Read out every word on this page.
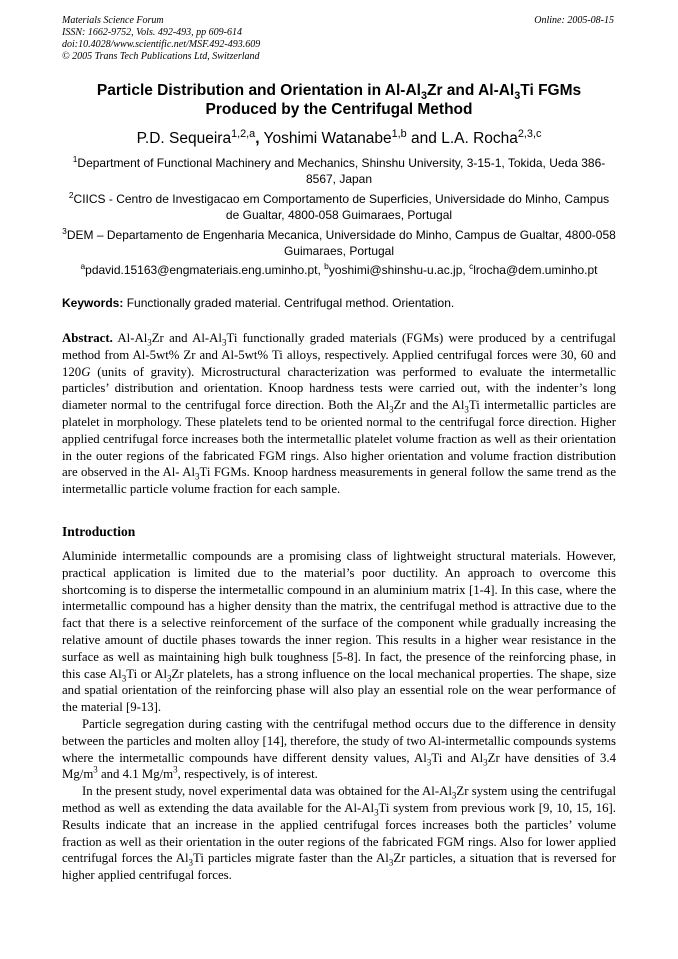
Materials Science Forum
ISSN: 1662-9752, Vols. 492-493, pp 609-614
doi:10.4028/www.scientific.net/MSF.492-493.609
© 2005 Trans Tech Publications Ltd, Switzerland
Online: 2005-08-15
Particle Distribution and Orientation in $Al-Al_3Zr$ and $Al-Al_3Ti$ FGMs
Produced by the Centrifugal Method
P.D. Sequeira$^{1,2,a}$, Yoshimi Watanabe$^{1,b}$ and L.A. Rocha$^{2,3,c}$
$^1$Department of Functional Machinery and Mechanics, Shinshu University, 3-15-1, Tokida, Ueda 386-8567, Japan
$^2$CIICS - Centro de Investigacao em Comportamento de Superficies, Universidade do Minho, Campus de Gualtar, 4800-058 Guimaraes, Portugal
$^3$DEM – Departamento de Engenharia Mecanica, Universidade do Minho, Campus de Gualtar, 4800-058 Guimaraes, Portugal
$^a$pdavid.15163@engmateriais.eng.uminho.pt, $^b$yoshimi@shinshu-u.ac.jp, $^c$lrocha@dem.uminho.pt
Keywords: Functionally graded material. Centrifugal method. Orientation.

Abstract. $Al-Al_3Zr$ and $Al-Al_3Ti$ functionally graded materials (FGMs) were produced by a centrifugal method from Al-5wt% Zr and Al-5wt% Ti alloys, respectively. Applied centrifugal forces were 30, 60 and 120G (units of gravity). Microstructural characterization was performed to evaluate the intermetallic particles’ distribution and orientation. Knoop hardness tests were carried out, with the indenter’s long diameter normal to the centrifugal force direction. Both the $Al_3Zr$ and the $Al_3Ti$ intermetallic particles are platelet in morphology. These platelets tend to be oriented normal to the centrifugal force direction. Higher applied centrifugal force increases both the intermetallic platelet volume fraction as well as their orientation in the outer regions of the fabricated FGM rings. Also higher orientation and volume fraction distribution are observed in the Al- $Al_3Ti$ FGMs. Knoop hardness measurements in general follow the same trend as the intermetallic particle volume fraction for each sample.

Introduction

Aluminide intermetallic compounds are a promising class of lightweight structural materials. However, practical application is limited due to the material’s poor ductility. An approach to overcome this shortcoming is to disperse the intermetallic compound in an aluminium matrix [1-4]. In this case, where the intermetallic compound has a higher density than the matrix, the centrifugal method is attractive due to the fact that there is a selective reinforcement of the surface of the component while gradually increasing the relative amount of ductile phases towards the inner region. This results in a higher wear resistance in the surface as well as maintaining high bulk toughness [5-8]. In fact, the presence of the reinforcing phase, in this case $Al_3Ti$ or $Al_3Zr$ platelets, has a strong influence on the local mechanical properties. The shape, size and spatial orientation of the reinforcing phase will also play an essential role on the wear performance of the material [9-13].

Particle segregation during casting with the centrifugal method occurs due to the difference in density between the particles and molten alloy [14], therefore, the study of two Al-intermetallic compounds systems where the intermetallic compounds have different density values, $Al_3Ti$ and $Al_3Zr$ have densities of 3.4 $Mg/m^3$ and 4.1 $Mg/m^3$, respectively, is of interest.

In the present study, novel experimental data was obtained for the $Al-Al_3Zr$ system using the centrifugal method as well as extending the data available for the $Al-Al_3Ti$ system from previous work [9, 10, 15, 16]. Results indicate that an increase in the applied centrifugal forces increases both the particles’ volume fraction as well as their orientation in the outer regions of the fabricated FGM rings. Also for lower applied centrifugal forces the $Al_3Ti$ particles migrate faster than the $Al_3Zr$ particles, a situation that is reversed for higher applied centrifugal forces.
